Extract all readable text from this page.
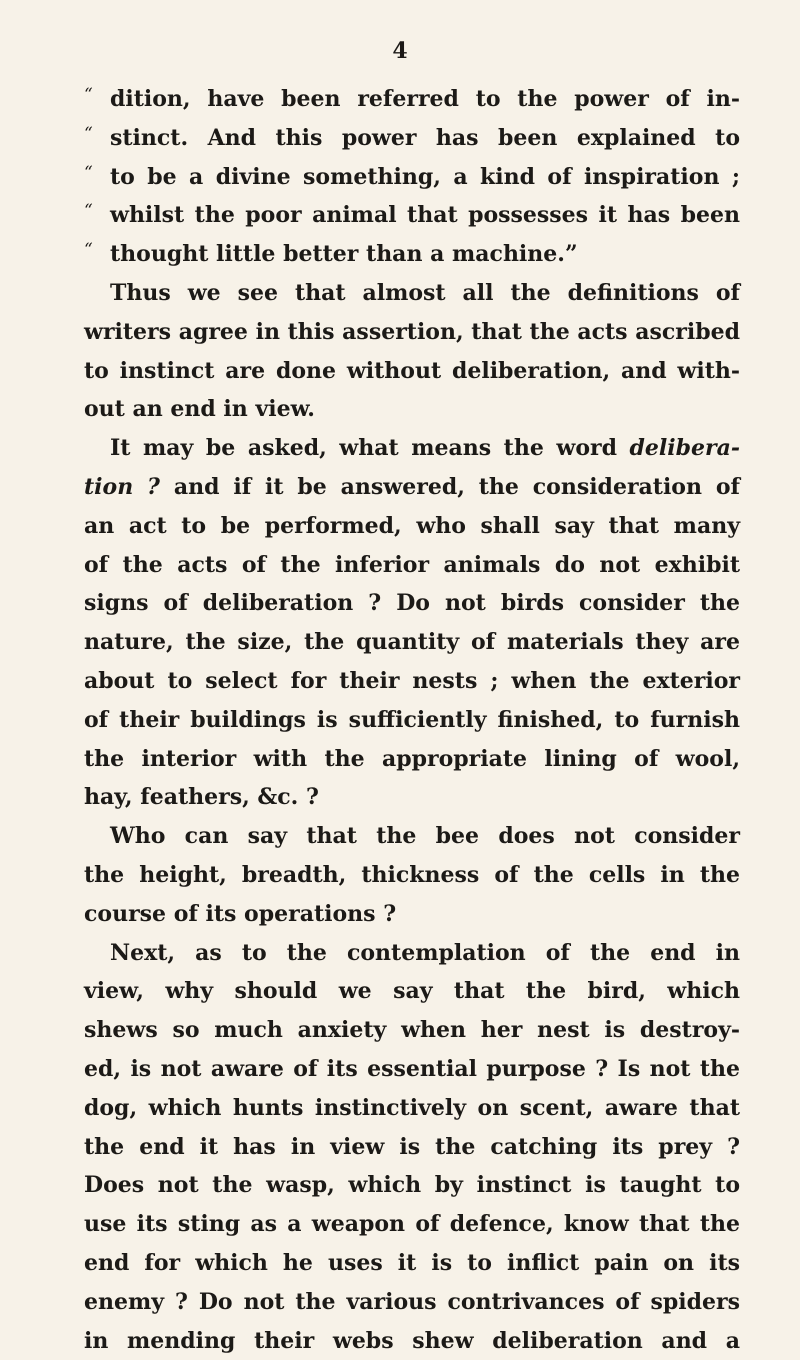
4
“ dition, have been referred to the power of in-
“ stinct. And this power has been explained to
“ to be a divine something, a kind of inspiration ;
“ whilst the poor animal that possesses it has been
“ thought little better than a machine.”
Thus we see that almost all the definitions of
writers agree in this assertion, that the acts ascribed
to instinct are done without deliberation, and with-
out an end in view.
It may be asked, what means the word delibera-
tion ? and if it be answered, the consideration of
an act to be performed, who shall say that many
of the acts of the inferior animals do not exhibit
signs of deliberation ? Do not birds consider the
nature, the size, the quantity of materials they are
about to select for their nests ; when the exterior
of their buildings is sufficiently finished, to furnish
the interior with the appropriate lining of wool,
hay, feathers, &c. ?
Who can say that the bee does not consider
the height, breadth, thickness of the cells in the
course of its operations ?
Next, as to the contemplation of the end in
view, why should we say that the bird, which
shews so much anxiety when her nest is destroy-
ed, is not aware of its essential purpose ? Is not the
dog, which hunts instinctively on scent, aware that
the end it has in view is the catching its prey ?
Does not the wasp, which by instinct is taught to
use its sting as a weapon of defence, know that the
end for which he uses it is to inflict pain on its
enemy ? Do not the various contrivances of spiders
in mending their webs shew deliberation and a
